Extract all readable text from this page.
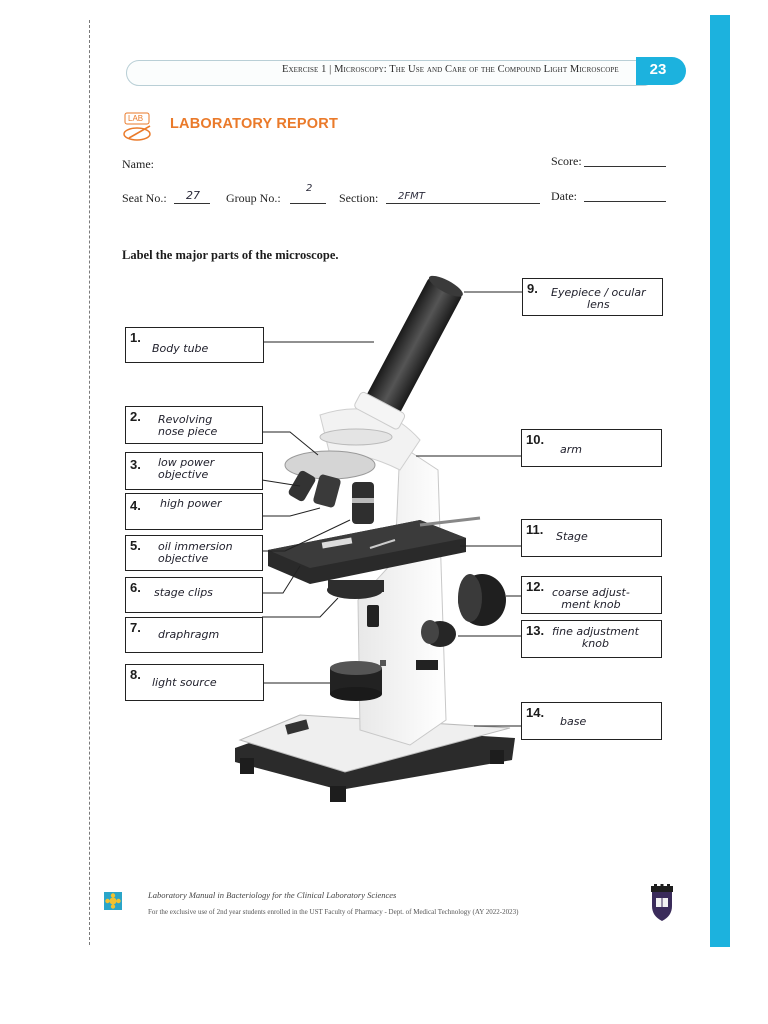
Exercise 1 | Microscopy: The Use and Care of the Compound Light Microscope	23
LAB LABORATORY REPORT
Name:	Score:
Seat No.: 27 Group No.:
2
Section: 2FMT	Date:
Label the major parts of the microscope.
1.
Body tube
2. Revolving
nose piece
3. low power
objective
4. high power
5. oil immersion
objective
6. stage clips
7. draphragm
8.
light source
9. Eyepiece / ocular
lens
10.
arm
11. Stage
12. coarse adjust-
ment knob
13. fine adjustment
knob
14.
base
Laboratory Manual in Bacteriology for the Clinical Laboratory Sciences
For the exclusive use of 2nd year students enrolled in the UST Faculty of Pharmacy - Dept. of Medical Technology (AY 2022-2023)
